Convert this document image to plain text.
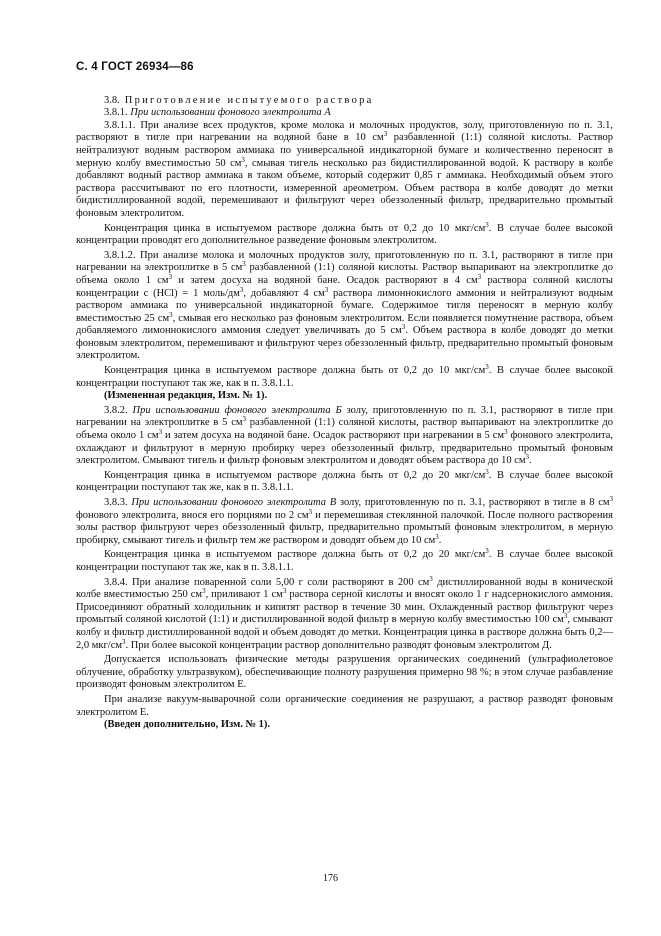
С. 4 ГОСТ 26934—86

3.8. Приготовление испытуемого раствора

3.8.1. При использовании фонового электролита А

3.8.1.1. При анализе всех продуктов, кроме молока и молочных продуктов, золу, приготовленную по п. 3.1, растворяют в тигле при нагревании на водяной бане в 10 $см^3$ разбавленной (1:1) соляной кислоты. Раствор нейтрализуют водным раствором аммиака по универсальной индикаторной бумаге и количественно переносят в мерную колбу вместимостью 50 $см^3$, смывая тигель несколько раз бидистиллированной водой. К раствору в колбе добавляют водный раствор аммиака в таком объеме, который содержит 0,85 г аммиака. Необходимый объем этого раствора рассчитывают по его плотности, измеренной ареометром. Объем раствора в колбе доводят до метки бидистиллированной водой, перемешивают и фильтруют через обеззоленный фильтр, предварительно промытый фоновым электролитом.

Концентрация цинка в испытуемом растворе должна быть от 0,2 до 10 мкг/$см^3$. В случае более высокой концентрации проводят его дополнительное разведение фоновым электролитом.

3.8.1.2. При анализе молока и молочных продуктов золу, приготовленную по п. 3.1, растворяют в тигле при нагревании на электроплитке в 5 $см^3$ разбавленной (1:1) соляной кислоты. Раствор выпаривают на электроплитке до объема около 1 $см^3$ и затем досуха на водяной бане. Осадок растворяют в 4 $см^3$ раствора соляной кислоты концентрации c (HCl) = 1 моль/$дм^3$, добавляют 4 $см^3$ раствора лимоннокислого аммония и нейтрализуют водным раствором аммиака по универсальной индикаторной бумаге. Содержимое тигля переносят в мерную колбу вместимостью 25 $см^3$, смывая его несколько раз фоновым электролитом. Если появляется помутнение раствора, объем добавляемого лимоннокислого аммония следует увеличивать до 5 $см^3$. Объем раствора в колбе доводят до метки фоновым электролитом, перемешивают и фильтруют через обеззоленный фильтр, предварительно промытый фоновым электролитом.

Концентрация цинка в испытуемом растворе должна быть от 0,2 до 10 мкг/$см^3$. В случае более высокой концентрации поступают так же, как в п. 3.8.1.1.

(Измененная редакция, Изм. № 1).

3.8.2. При использовании фонового электролита Б золу, приготовленную по п. 3.1, растворяют в тигле при нагревании на электроплитке в 5 $см^3$ разбавленной (1:1) соляной кислоты, раствор выпаривают на электроплитке до объема около 1 $см^3$ и затем досуха на водяной бане. Осадок растворяют при нагревании в 5 $см^3$ фонового электролита, охлаждают и фильтруют в мерную пробирку через обеззоленный фильтр, предварительно промытый фоновым электролитом. Смывают тигель и фильтр фоновым электролитом и доводят объем раствора до 10 $см^3$.

Концентрация цинка в испытуемом растворе должна быть от 0,2 до 20 мкг/$см^3$. В случае более высокой концентрации поступают так же, как в п. 3.8.1.1.

3.8.3. При использовании фонового электролита В золу, приготовленную по п. 3.1, растворяют в тигле в 8 $см^3$ фонового электролита, внося его порциями по 2 $см^3$ и перемешивая стеклянной палочкой. После полного растворения золы раствор фильтруют через обеззоленный фильтр, предварительно промытый фоновым электролитом, в мерную пробирку, смывают тигель и фильтр тем же раствором и доводят объем до 10 $см^3$.

Концентрация цинка в испытуемом растворе должна быть от 0,2 до 20 мкг/$см^3$. В случае более высокой концентрации поступают так же, как в п. 3.8.1.1.

3.8.4. При анализе поваренной соли 5,00 г соли растворяют в 200 $см^3$ дистиллированной воды в конической колбе вместимостью 250 $см^3$, приливают 1 $см^3$ раствора серной кислоты и вносят около 1 г надсернокислого аммония. Присоединяют обратный холодильник и кипятят раствор в течение 30 мин. Охлажденный раствор фильтруют через промытый соляной кислотой (1:1) и дистиллированной водой фильтр в мерную колбу вместимостью 100 $см^3$, смывают колбу и фильтр дистиллированной водой и объем доводят до метки. Концентрация цинка в растворе должна быть 0,2—2,0 мкг/$см^3$. При более высокой концентрации раствор дополнительно разводят фоновым электролитом Д.

Допускается использовать физические методы разрушения органических соединений (ультрафиолетовое облучение, обработку ультразвуком), обеспечивающие полноту разрушения примерно 98 %; в этом случае разбавление производят фоновым электролитом Е.

При анализе вакуум-выварочной соли органические соединения не разрушают, а раствор разводят фоновым электролитом Е.

(Введен дополнительно, Изм. № 1).

176
